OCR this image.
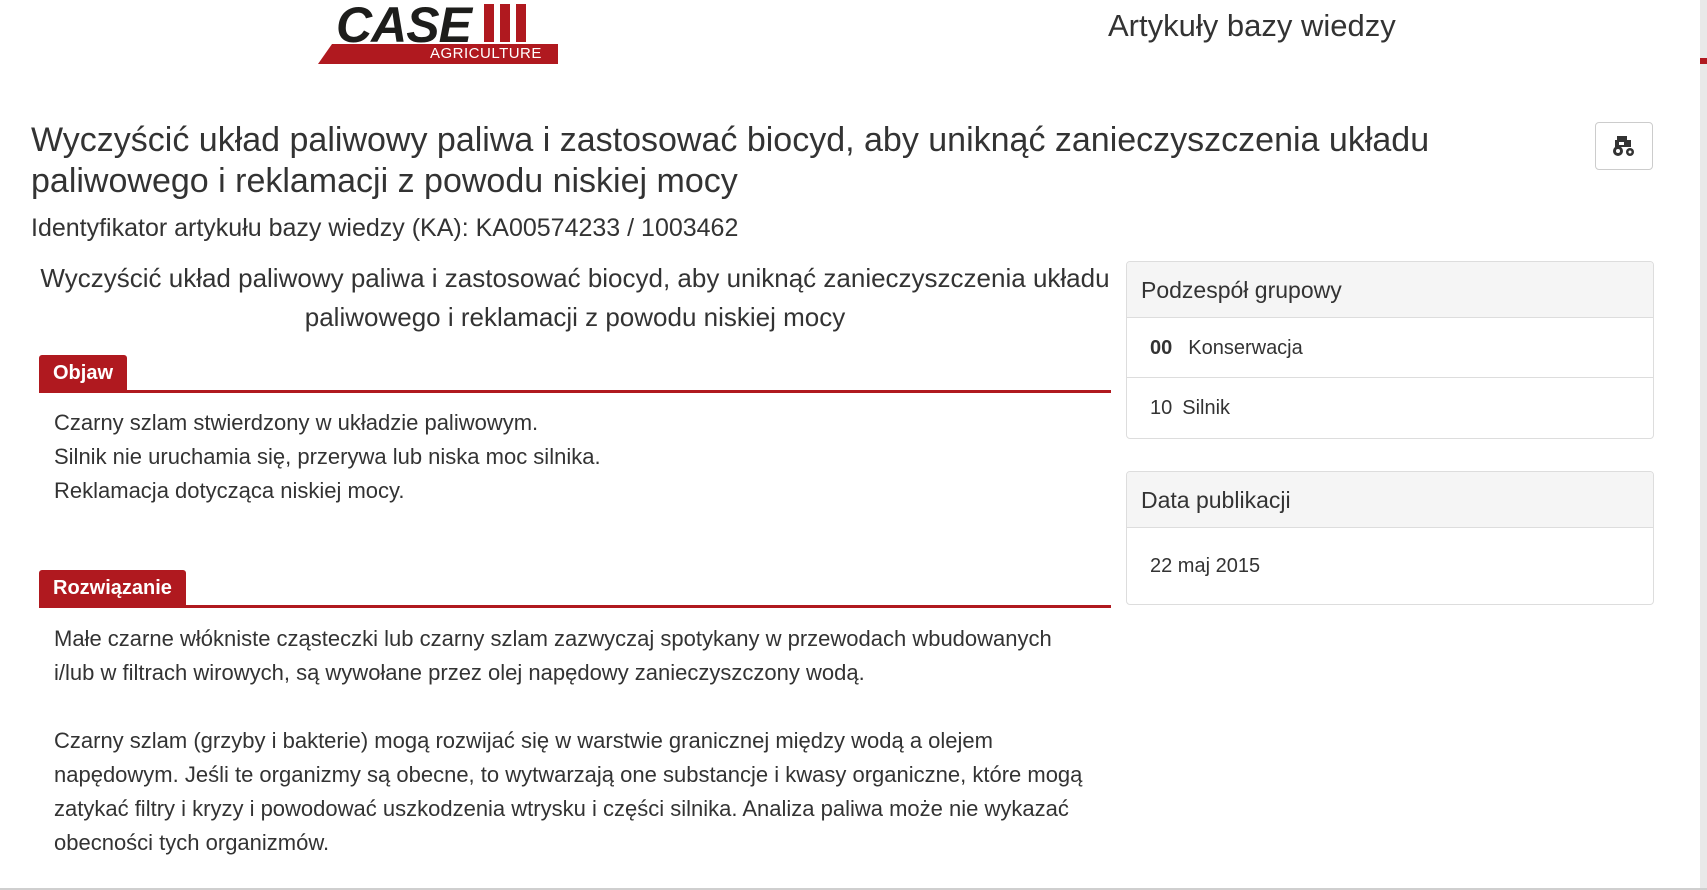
CASE
AGRICULTURE
Artykuły bazy wiedzy
Wyczyścić układ paliwowy paliwa i zastosować biocyd, aby uniknąć zanieczyszczenia układu paliwowego i reklamacji z powodu niskiej mocy
Identyfikator artykułu bazy wiedzy (KA): KA00574233 / 1003462
Wyczyścić układ paliwowy paliwa i zastosować biocyd, aby uniknąć zanieczyszczenia układu paliwowego i reklamacji z powodu niskiej mocy
Objaw

Czarny szlam stwierdzony w układzie paliwowym.

Silnik nie uruchamia się, przerywa lub niska moc silnika.

Reklamacja dotycząca niskiej mocy.

Rozwiązanie

Małe czarne włókniste cząsteczki lub czarny szlam zazwyczaj spotykany w przewodach wbudowanych i/lub w filtrach wirowych, są wywołane przez olej napędowy zanieczyszczony wodą.

Czarny szlam (grzyby i bakterie) mogą rozwijać się w warstwie granicznej między wodą a olejem napędowym. Jeśli te organizmy są obecne, to wytwarzają one substancje i kwasy organiczne, które mogą zatykać filtry i kryzy i powodować uszkodzenia wtrysku i części silnika. Analiza paliwa może nie wykazać obecności tych organizmów.

Podzespół grupowy
00 Konserwacja
10 Silnik
Data publikacji
22 maj 2015
